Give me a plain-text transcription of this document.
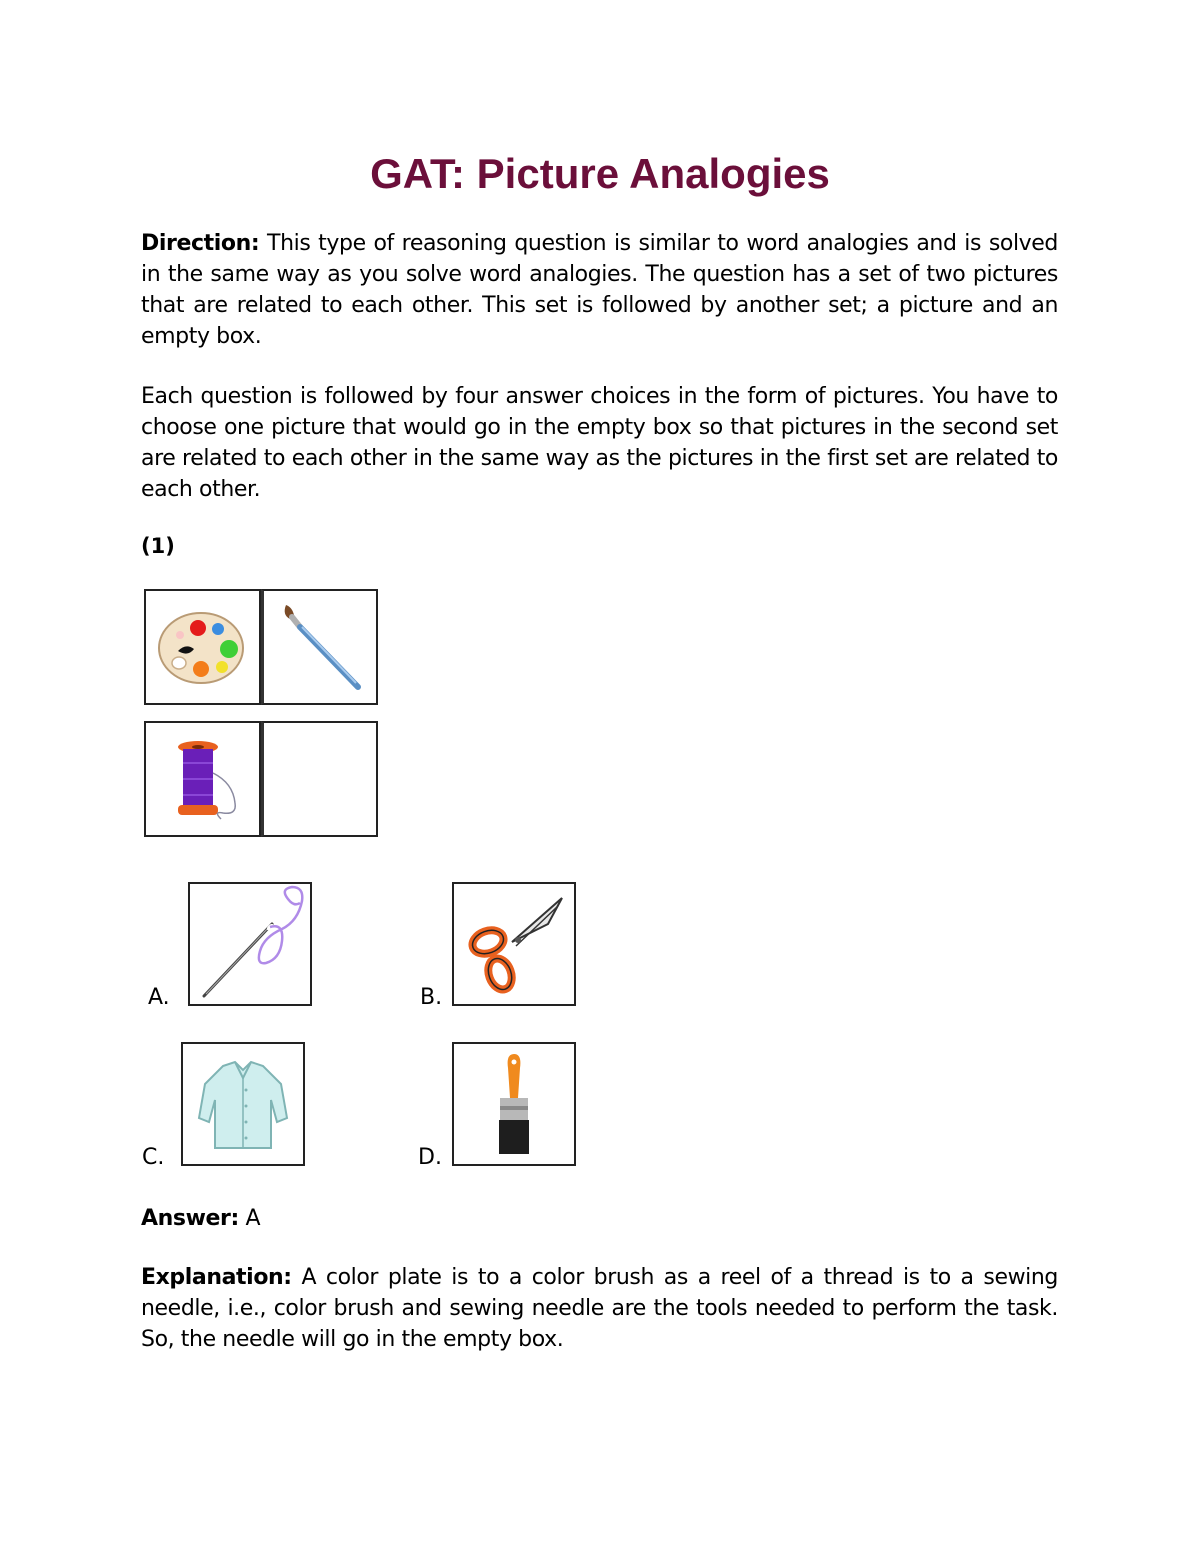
GAT: Picture Analogies

Direction: This type of reasoning question is similar to word analogies and is solved in the same way as you solve word analogies. The question has a set of two pictures that are related to each other. This set is followed by another set; a picture and an empty box.

Each question is followed by four answer choices in the form of pictures. You have to choose one picture that would go in the empty box so that pictures in the second set are related to each other in the same way as the pictures in the first set are related to each other.

(1)

A.	B.
C.	D.

Answer: A

Explanation: A color plate is to a color brush as a reel of a thread is to a sewing needle, i.e., color brush and sewing needle are the tools needed to perform the task. So, the needle will go in the empty box.
